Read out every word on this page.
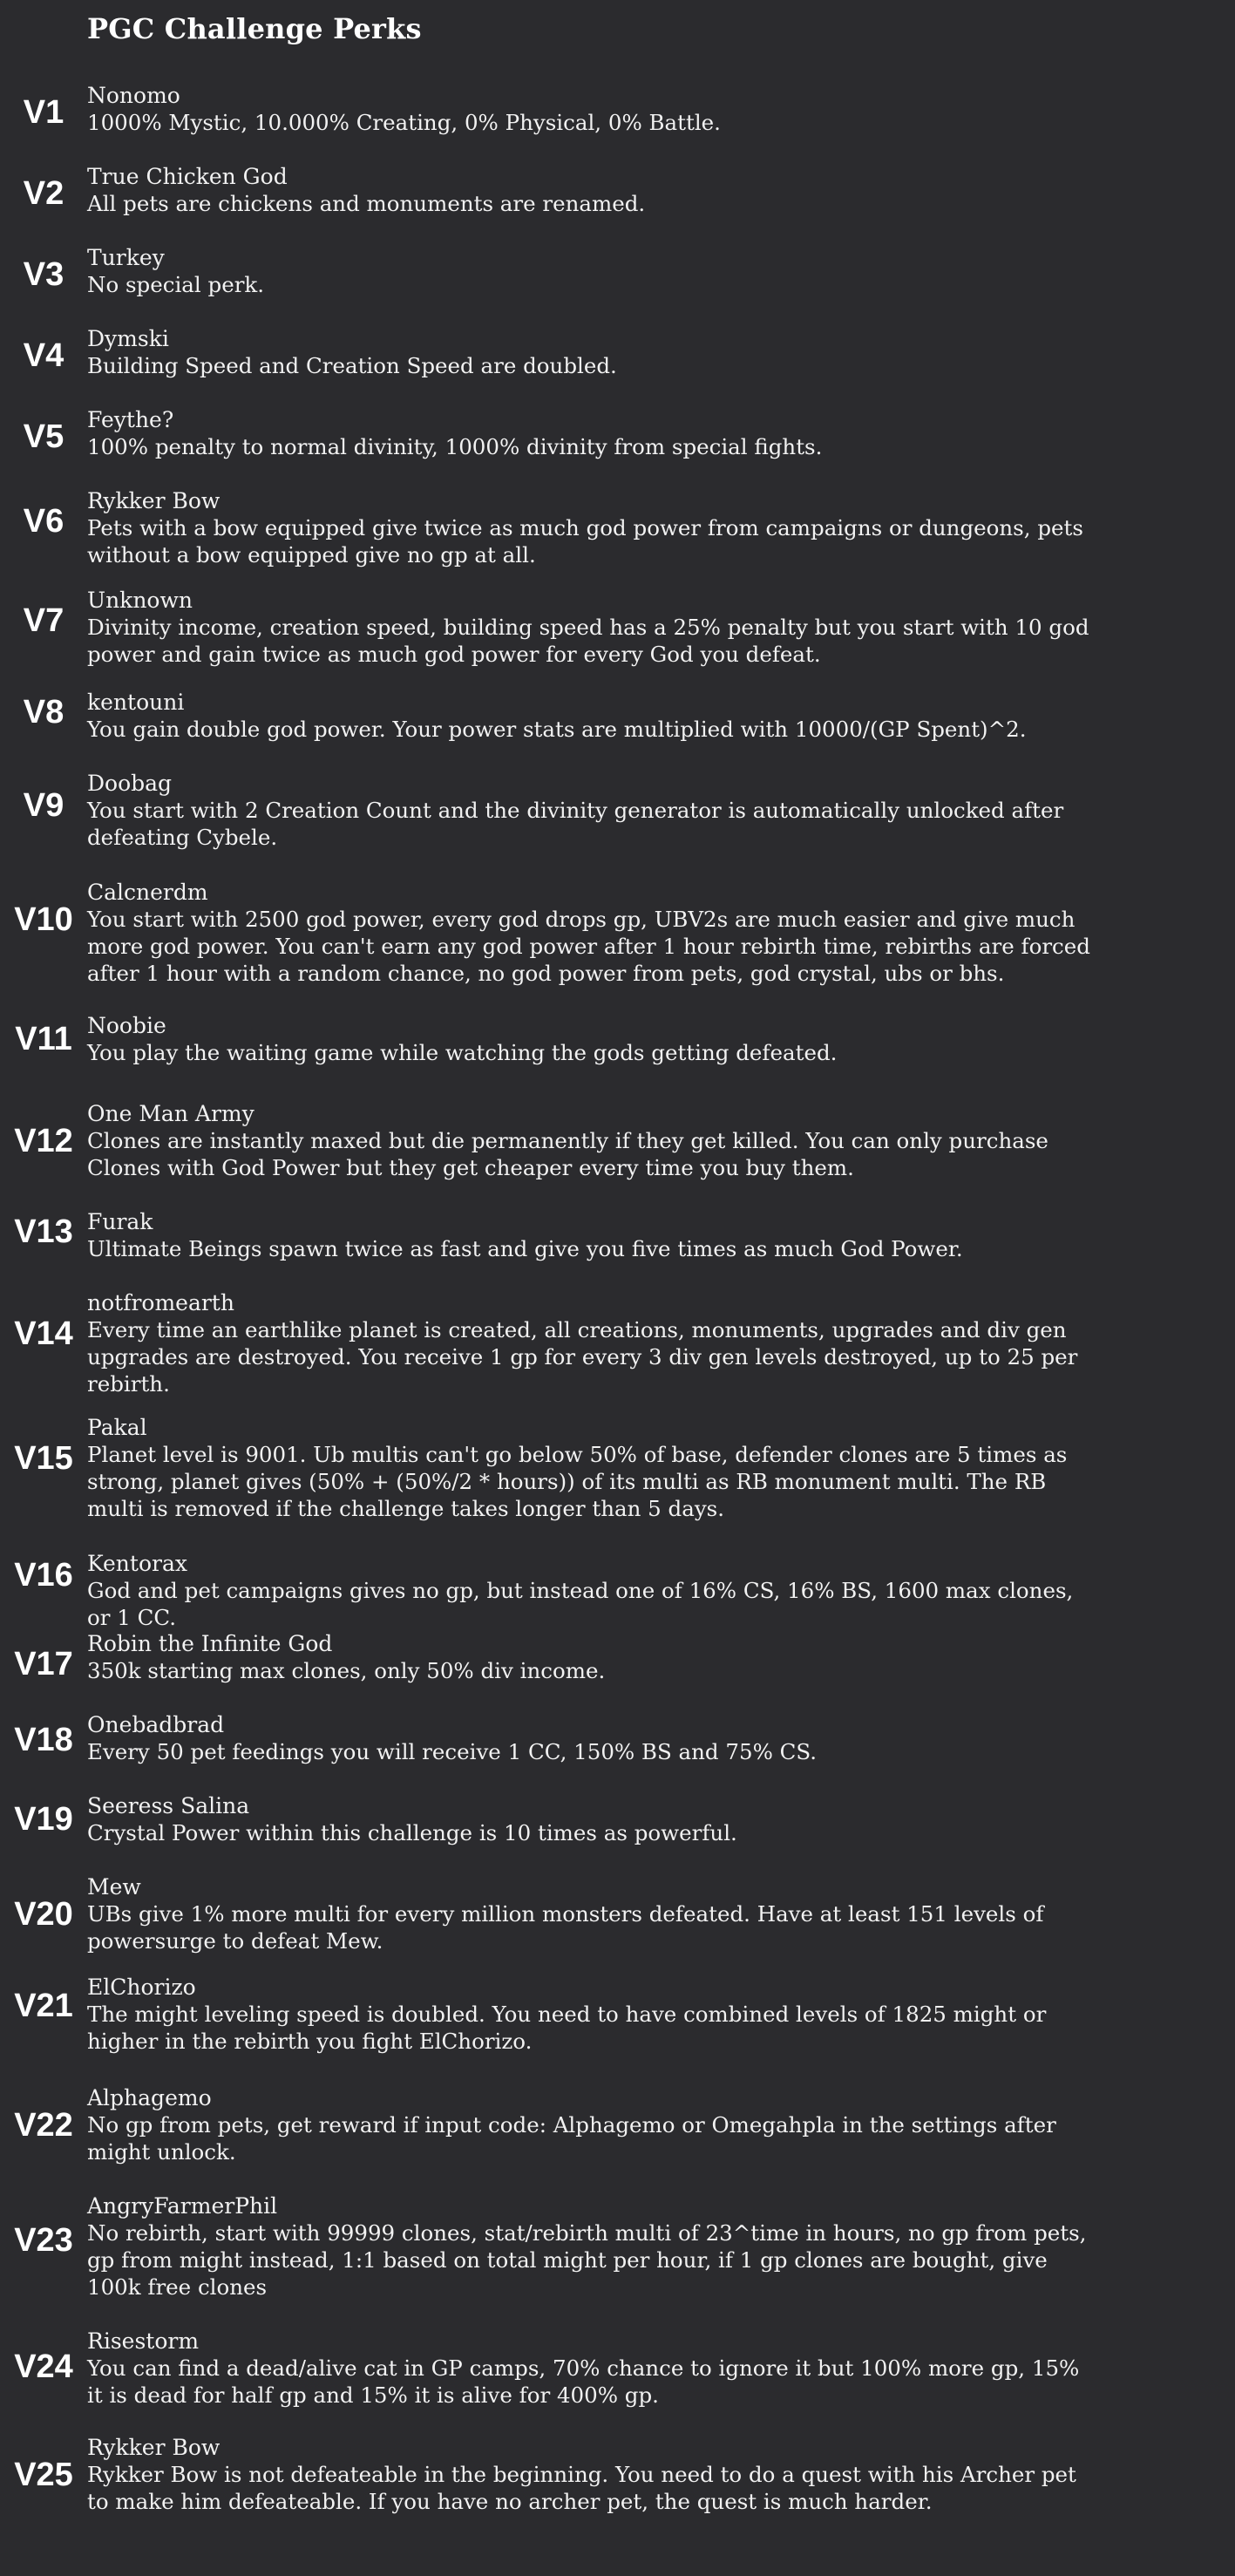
PGC Challenge Perks
V1	Nonomo
1000% Mystic, 10.000% Creating, 0% Physical, 0% Battle.
V2	True Chicken God
All pets are chickens and monuments are renamed.
V3	Turkey
No special perk.
V4	Dymski
Building Speed and Creation Speed are doubled.
V5	Feythe?
100% penalty to normal divinity, 1000% divinity from special fights.
V6
Rykker Bow
Pets with a bow equipped give twice as much god power from campaigns or dungeons, pets without a bow equipped give no gp at all.
V7
Unknown
Divinity income, creation speed, building speed has a 25% penalty but you start with 10 god power and gain twice as much god power for every God you defeat.
V8	kentouni
You gain double god power. Your power stats are multiplied with 10000/(GP Spent)^2.
V9
Doobag
You start with 2 Creation Count and the divinity generator is automatically unlocked after defeating Cybele.
V10
Calcnerdm
You start with 2500 god power, every god drops gp, UBV2s are much easier and give much more god power. You can't earn any god power after 1 hour rebirth time, rebirths are forced after 1 hour with a random chance, no god power from pets, god crystal, ubs or bhs.
V11 Noobie
You play the waiting game while watching the gods getting defeated.
V12
One Man Army
Clones are instantly maxed but die permanently if they get killed. You can only purchase Clones with God Power but they get cheaper every time you buy them.
V13 Furak
Ultimate Beings spawn twice as fast and give you five times as much God Power.
V14
notfromearth
Every time an earthlike planet is created, all creations, monuments, upgrades and div gen upgrades are destroyed. You receive 1 gp for every 3 div gen levels destroyed, up to 25 per rebirth.
V15
Pakal
Planet level is 9001. Ub multis can't go below 50% of base, defender clones are 5 times as strong, planet gives (50% + (50%/2 * hours)) of its multi as RB monument multi. The RB multi is removed if the challenge takes longer than 5 days.
V16 Kentorax
God and pet campaigns gives no gp, but instead one of 16% CS, 16% BS, 1600 max clones, or 1 CC.
V17
Robin the Infinite God
350k starting max clones, only 50% div income.
V18 Onebadbrad
Every 50 pet feedings you will receive 1 CC, 150% BS and 75% CS.
V19 Seeress Salina
Crystal Power within this challenge is 10 times as powerful.
V20
Mew
UBs give 1% more multi for every million monsters defeated. Have at least 151 levels of powersurge to defeat Mew.
V21
ElChorizo
The might leveling speed is doubled. You need to have combined levels of 1825 might or higher in the rebirth you fight ElChorizo.
V22
Alphagemo
No gp from pets, get reward if input code: Alphagemo or Omegahpla in the settings after might unlock.
V23
AngryFarmerPhil
No rebirth, start with 99999 clones, stat/rebirth multi of 23^time in hours, no gp from pets, gp from might instead, 1:1 based on total might per hour, if 1 gp clones are bought, give 100k free clones
V24
Risestorm
You can find a dead/alive cat in GP camps, 70% chance to ignore it but 100% more gp, 15% it is dead for half gp and 15% it is alive for 400% gp.
V25
Rykker Bow
Rykker Bow is not defeateable in the beginning. You need to do a quest with his Archer pet to make him defeateable. If you have no archer pet, the quest is much harder.
